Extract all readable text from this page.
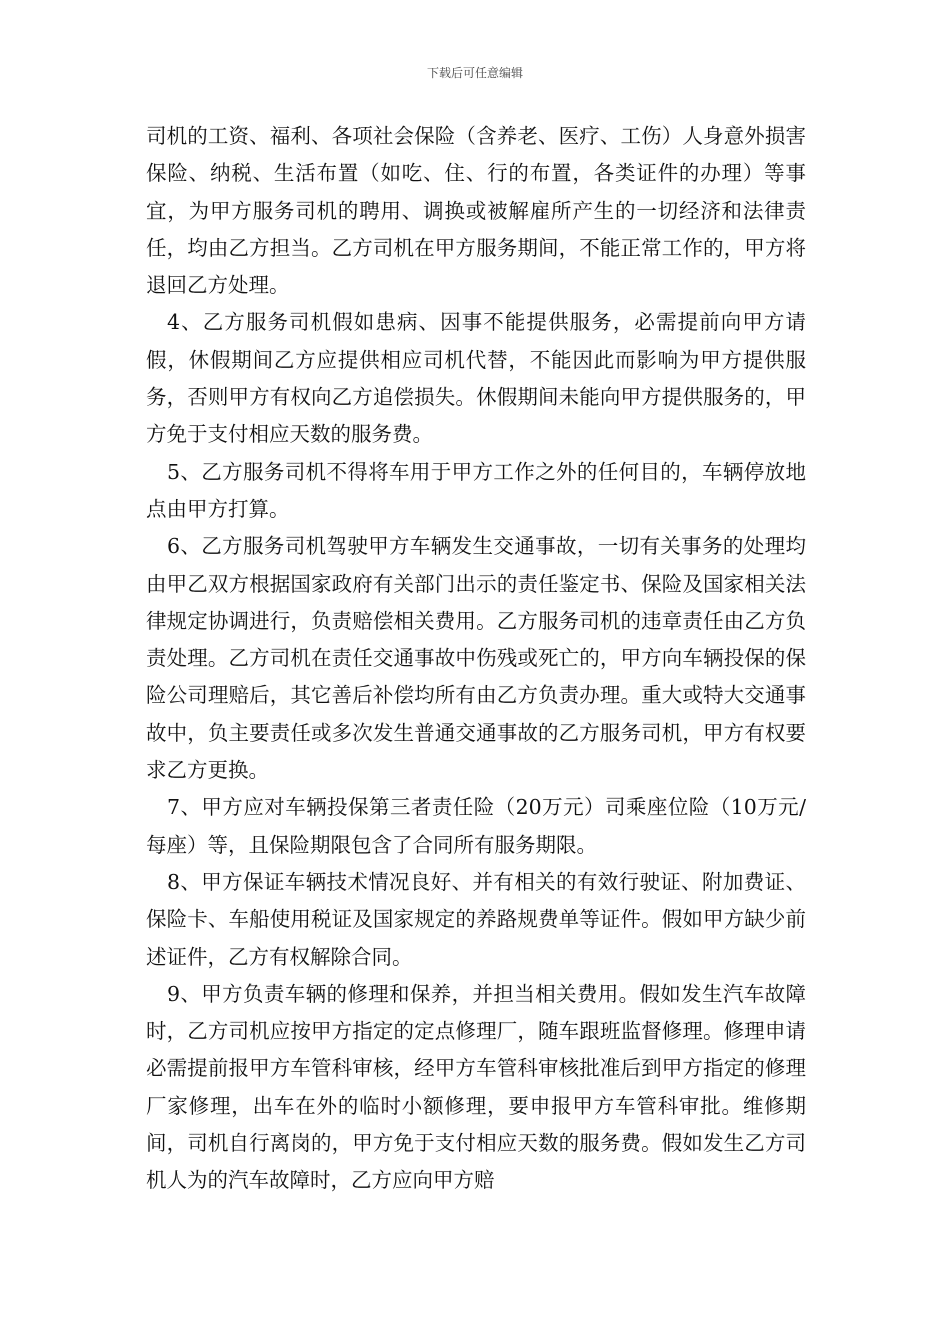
下载后可任意编辑

司机的工资、福利、各项社会保险（含养老、医疗、工伤）人身意外损害保险、纳税、生活布置（如吃、住、行的布置，各类证件的办理）等事宜，为甲方服务司机的聘用、调换或被解雇所产生的一切经济和法律责任，均由乙方担当。乙方司机在甲方服务期间，不能正常工作的，甲方将退回乙方处理。

4、乙方服务司机假如患病、因事不能提供服务，必需提前向甲方请假，休假期间乙方应提供相应司机代替，不能因此而影响为甲方提供服务，否则甲方有权向乙方追偿损失。休假期间未能向甲方提供服务的，甲方免于支付相应天数的服务费。

5、乙方服务司机不得将车用于甲方工作之外的任何目的，车辆停放地点由甲方打算。

6、乙方服务司机驾驶甲方车辆发生交通事故，一切有关事务的处理均由甲乙双方根据国家政府有关部门出示的责任鉴定书、保险及国家相关法律规定协调进行，负责赔偿相关费用。乙方服务司机的违章责任由乙方负责处理。乙方司机在责任交通事故中伤残或死亡的，甲方向车辆投保的保险公司理赔后，其它善后补偿均所有由乙方负责办理。重大或特大交通事故中，负主要责任或多次发生普通交通事故的乙方服务司机，甲方有权要求乙方更换。

7、甲方应对车辆投保第三者责任险（20万元）司乘座位险（10万元/每座）等，且保险期限包含了合同所有服务期限。

8、甲方保证车辆技术情况良好、并有相关的有效行驶证、附加费证、保险卡、车船使用税证及国家规定的养路规费单等证件。假如甲方缺少前述证件，乙方有权解除合同。

9、甲方负责车辆的修理和保养，并担当相关费用。假如发生汽车故障时，乙方司机应按甲方指定的定点修理厂，随车跟班监督修理。修理申请必需提前报甲方车管科审核，经甲方车管科审核批准后到甲方指定的修理厂家修理，出车在外的临时小额修理，要申报甲方车管科审批。维修期间，司机自行离岗的，甲方免于支付相应天数的服务费。假如发生乙方司机人为的汽车故障时，乙方应向甲方赔
